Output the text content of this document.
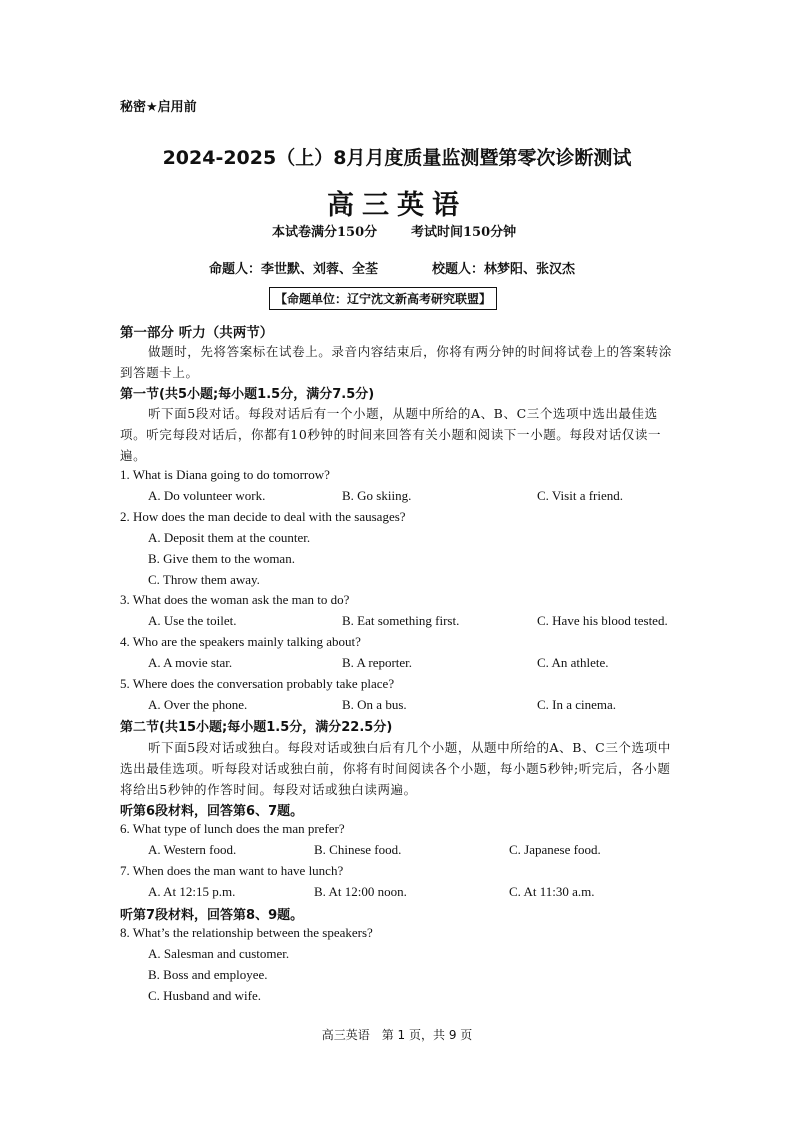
秘密★启用前
2024-2025（上）8月月度质量监测暨第零次诊断测试
高三英语
本试卷满分150分	考试时间150分钟
命题人：李世默、刘蓉、全荃	校题人：林梦阳、张汉杰
【命题单位：辽宁沈文新高考研究联盟】
第一部分 听力（共两节）
做题时，先将答案标在试卷上。录音内容结束后，你将有两分钟的时间将试卷上的答案转涂到答题卡上。
第一节(共5小题;每小题1.5分，满分7.5分)
听下面5段对话。每段对话后有一个小题，从题中所给的A、B、C三个选项中选出最佳选项。听完每段对话后，你都有10秒钟的时间来回答有关小题和阅读下一小题。每段对话仅读一遍。
1. What is Diana going to do tomorrow?
A. Do volunteer work.	B. Go skiing.	C. Visit a friend.
2. How does the man decide to deal with the sausages?
A. Deposit them at the counter.
B. Give them to the woman.
C. Throw them away.
3. What does the woman ask the man to do?
A. Use the toilet.	B. Eat something first.	C. Have his blood tested.
4. Who are the speakers mainly talking about?
A. A movie star.	B. A reporter.	C. An athlete.
5. Where does the conversation probably take place?
A. Over the phone.	B. On a bus.	C. In a cinema.
第二节(共15小题;每小题1.5分，满分22.5分)
听下面5段对话或独白。每段对话或独白后有几个小题，从题中所给的A、B、C三个选项中选出最佳选项。听每段对话或独白前，你将有时间阅读各个小题，每小题5秒钟;听完后，各小题将给出5秒钟的作答时间。每段对话或独白读两遍。
听第6段材料，回答第6、7题。
6. What type of lunch does the man prefer?
A. Western food.	B. Chinese food.	C. Japanese food.
7. When does the man want to have lunch?
A. At 12:15 p.m.	B. At 12:00 noon.	C. At 11:30 a.m.
听第7段材料，回答第8、9题。
8. What’s the relationship between the speakers?
A. Salesman and customer.
B. Boss and employee.
C. Husband and wife.
高三英语　第 1 页，共 9 页
